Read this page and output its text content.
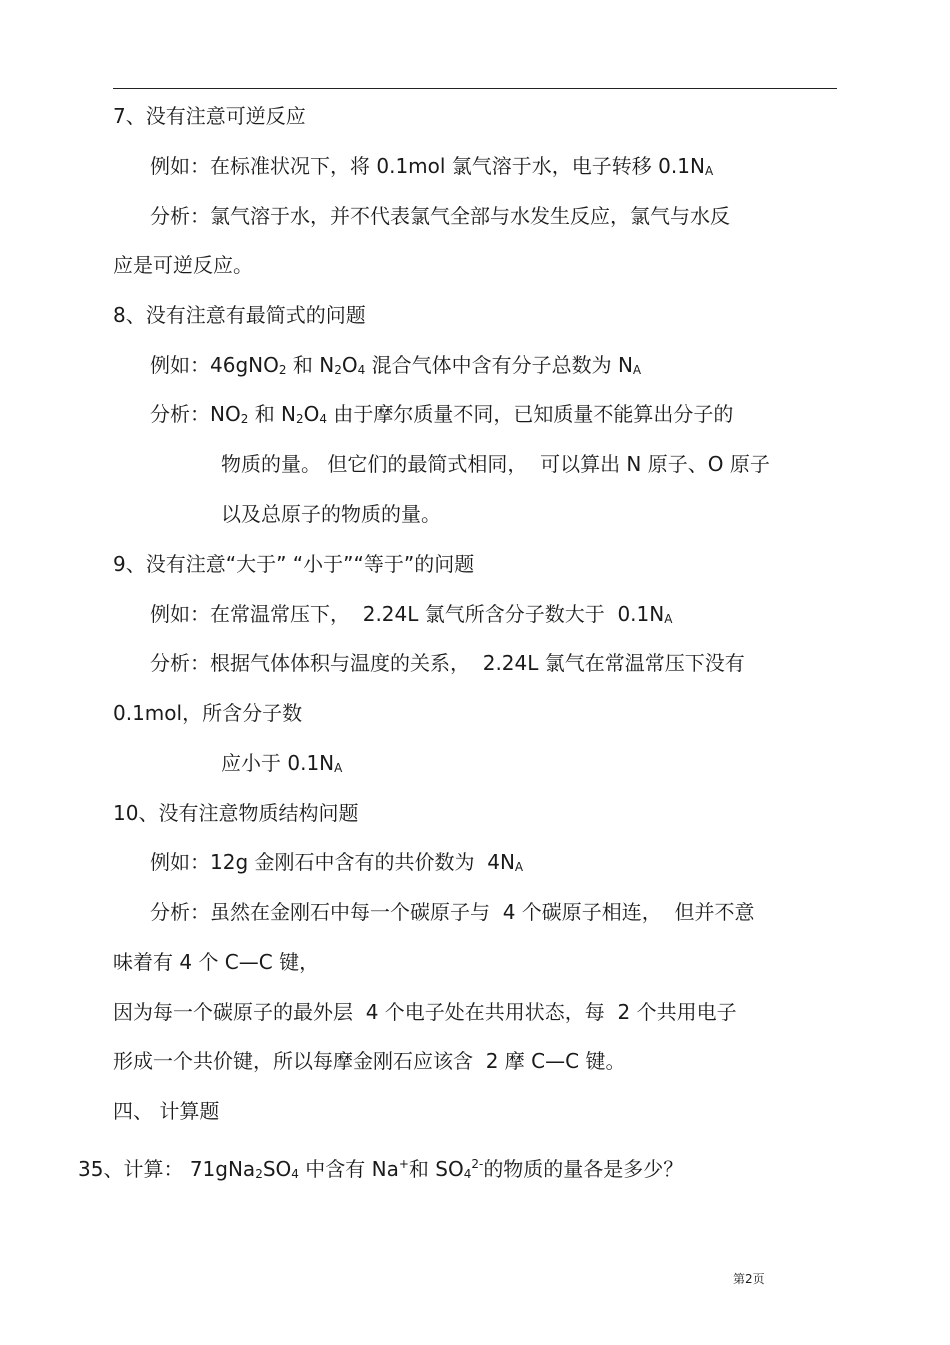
7、没有注意可逆反应
例如：在标准状况下，将 0.1mol 氯气溶于水，电子转移 0.1NA
分析：氯气溶于水，并不代表氯气全部与水发生反应，氯气与水反
应是可逆反应。
8、没有注意有最简式的问题
例如：46gNO2 和 N2O4 混合气体中含有分子总数为 NA
分析：NO2 和 N2O4 由于摩尔质量不同，已知质量不能算出分子的
物质的量。 但它们的最简式相同，  可以算出 N 原子、O 原子
以及总原子的物质的量。
9、没有注意“大于” “小于”“等于”的问题
例如：在常温常压下，  2.24L 氯气所含分子数大于  0.1NA
分析：根据气体体积与温度的关系，  2.24L 氯气在常温常压下没有
0.1mol，所含分子数
应小于 0.1NA
10、没有注意物质结构问题
例如：12g 金刚石中含有的共价数为  4NA
分析：虽然在金刚石中每一个碳原子与  4 个碳原子相连，  但并不意
味着有 4 个 C—C 键，
因为每一个碳原子的最外层  4 个电子处在共用状态，每  2 个共用电子
形成一个共价键，所以每摩金刚石应该含  2 摩 C—C 键。
四、 计算题
35、计算： 71gNa2SO4 中含有 Na+和 $SO4^{2-}$的物质的量各是多少？
第2页
